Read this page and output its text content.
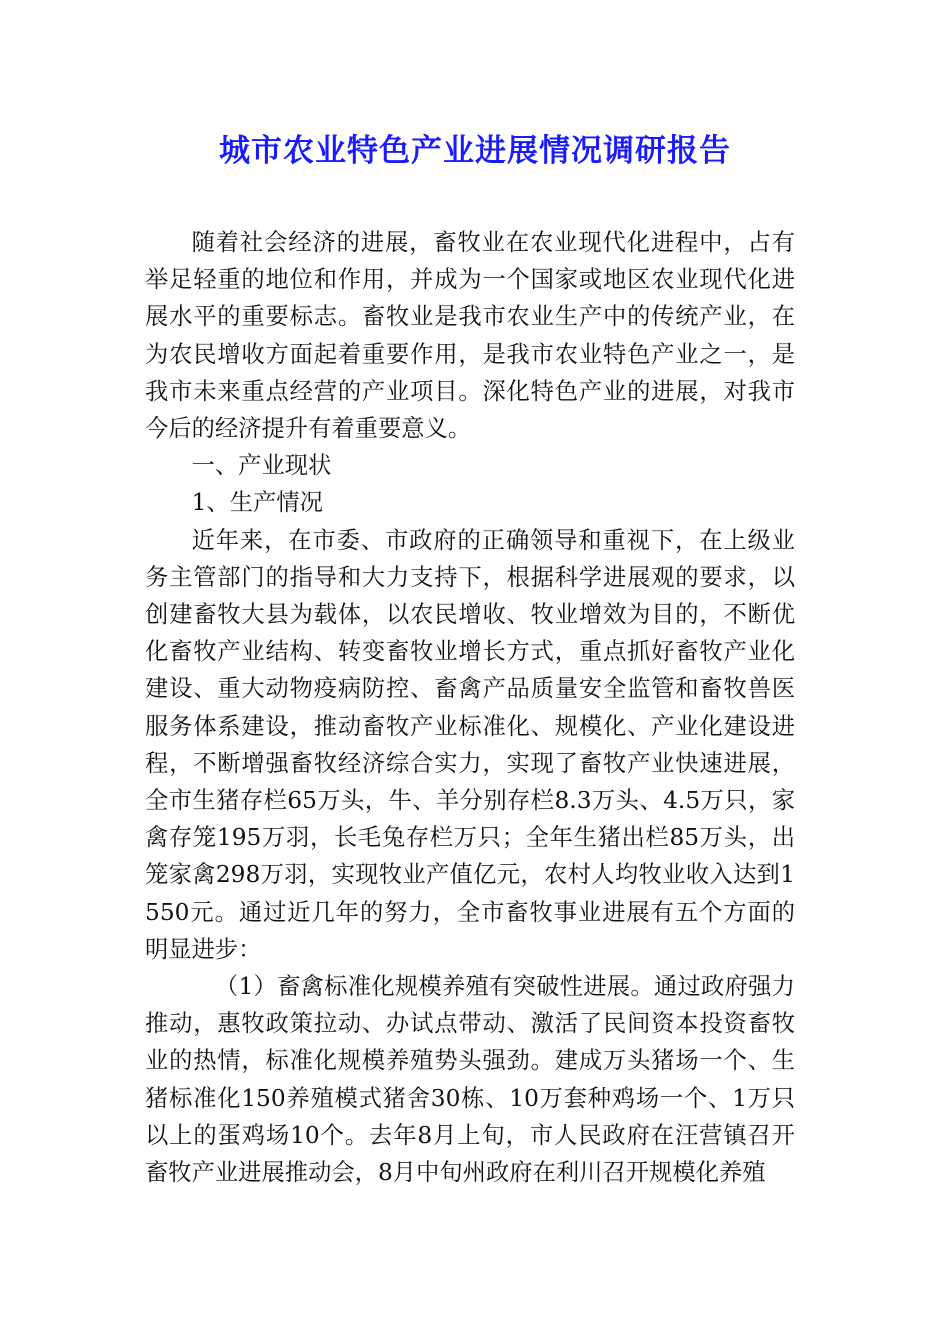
城市农业特色产业进展情况调研报告

随着社会经济的进展，畜牧业在农业现代化进程中，占有举足轻重的地位和作用，并成为一个国家或地区农业现代化进展水平的重要标志。畜牧业是我市农业生产中的传统产业，在为农民增收方面起着重要作用，是我市农业特色产业之一，是我市未来重点经营的产业项目。深化特色产业的进展，对我市今后的经济提升有着重要意义。

一、产业现状

1、生产情况

近年来，在市委、市政府的正确领导和重视下，在上级业务主管部门的指导和大力支持下，根据科学进展观的要求，以创建畜牧大县为载体，以农民增收、牧业增效为目的，不断优化畜牧产业结构、转变畜牧业增长方式，重点抓好畜牧产业化建设、重大动物疫病防控、畜禽产品质量安全监管和畜牧兽医服务体系建设，推动畜牧产业标准化、规模化、产业化建设进程，不断增强畜牧经济综合实力，实现了畜牧产业快速进展，全市生猪存栏65万头，牛、羊分别存栏8.3万头、4.5万只，家禽存笼195万羽，长毛兔存栏万只；全年生猪出栏85万头，出笼家禽298万羽，实现牧业产值亿元，农村人均牧业收入达到1550元。通过近几年的努力，全市畜牧事业进展有五个方面的明显进步：

（1）畜禽标准化规模养殖有突破性进展。通过政府强力推动，惠牧政策拉动、办试点带动、激活了民间资本投资畜牧业的热情，标准化规模养殖势头强劲。建成万头猪场一个、生猪标准化150养殖模式猪舍30栋、10万套种鸡场一个、1万只以上的蛋鸡场10个。去年8月上旬，市人民政府在汪营镇召开畜牧产业进展推动会，8月中旬州政府在利川召开规模化养殖
